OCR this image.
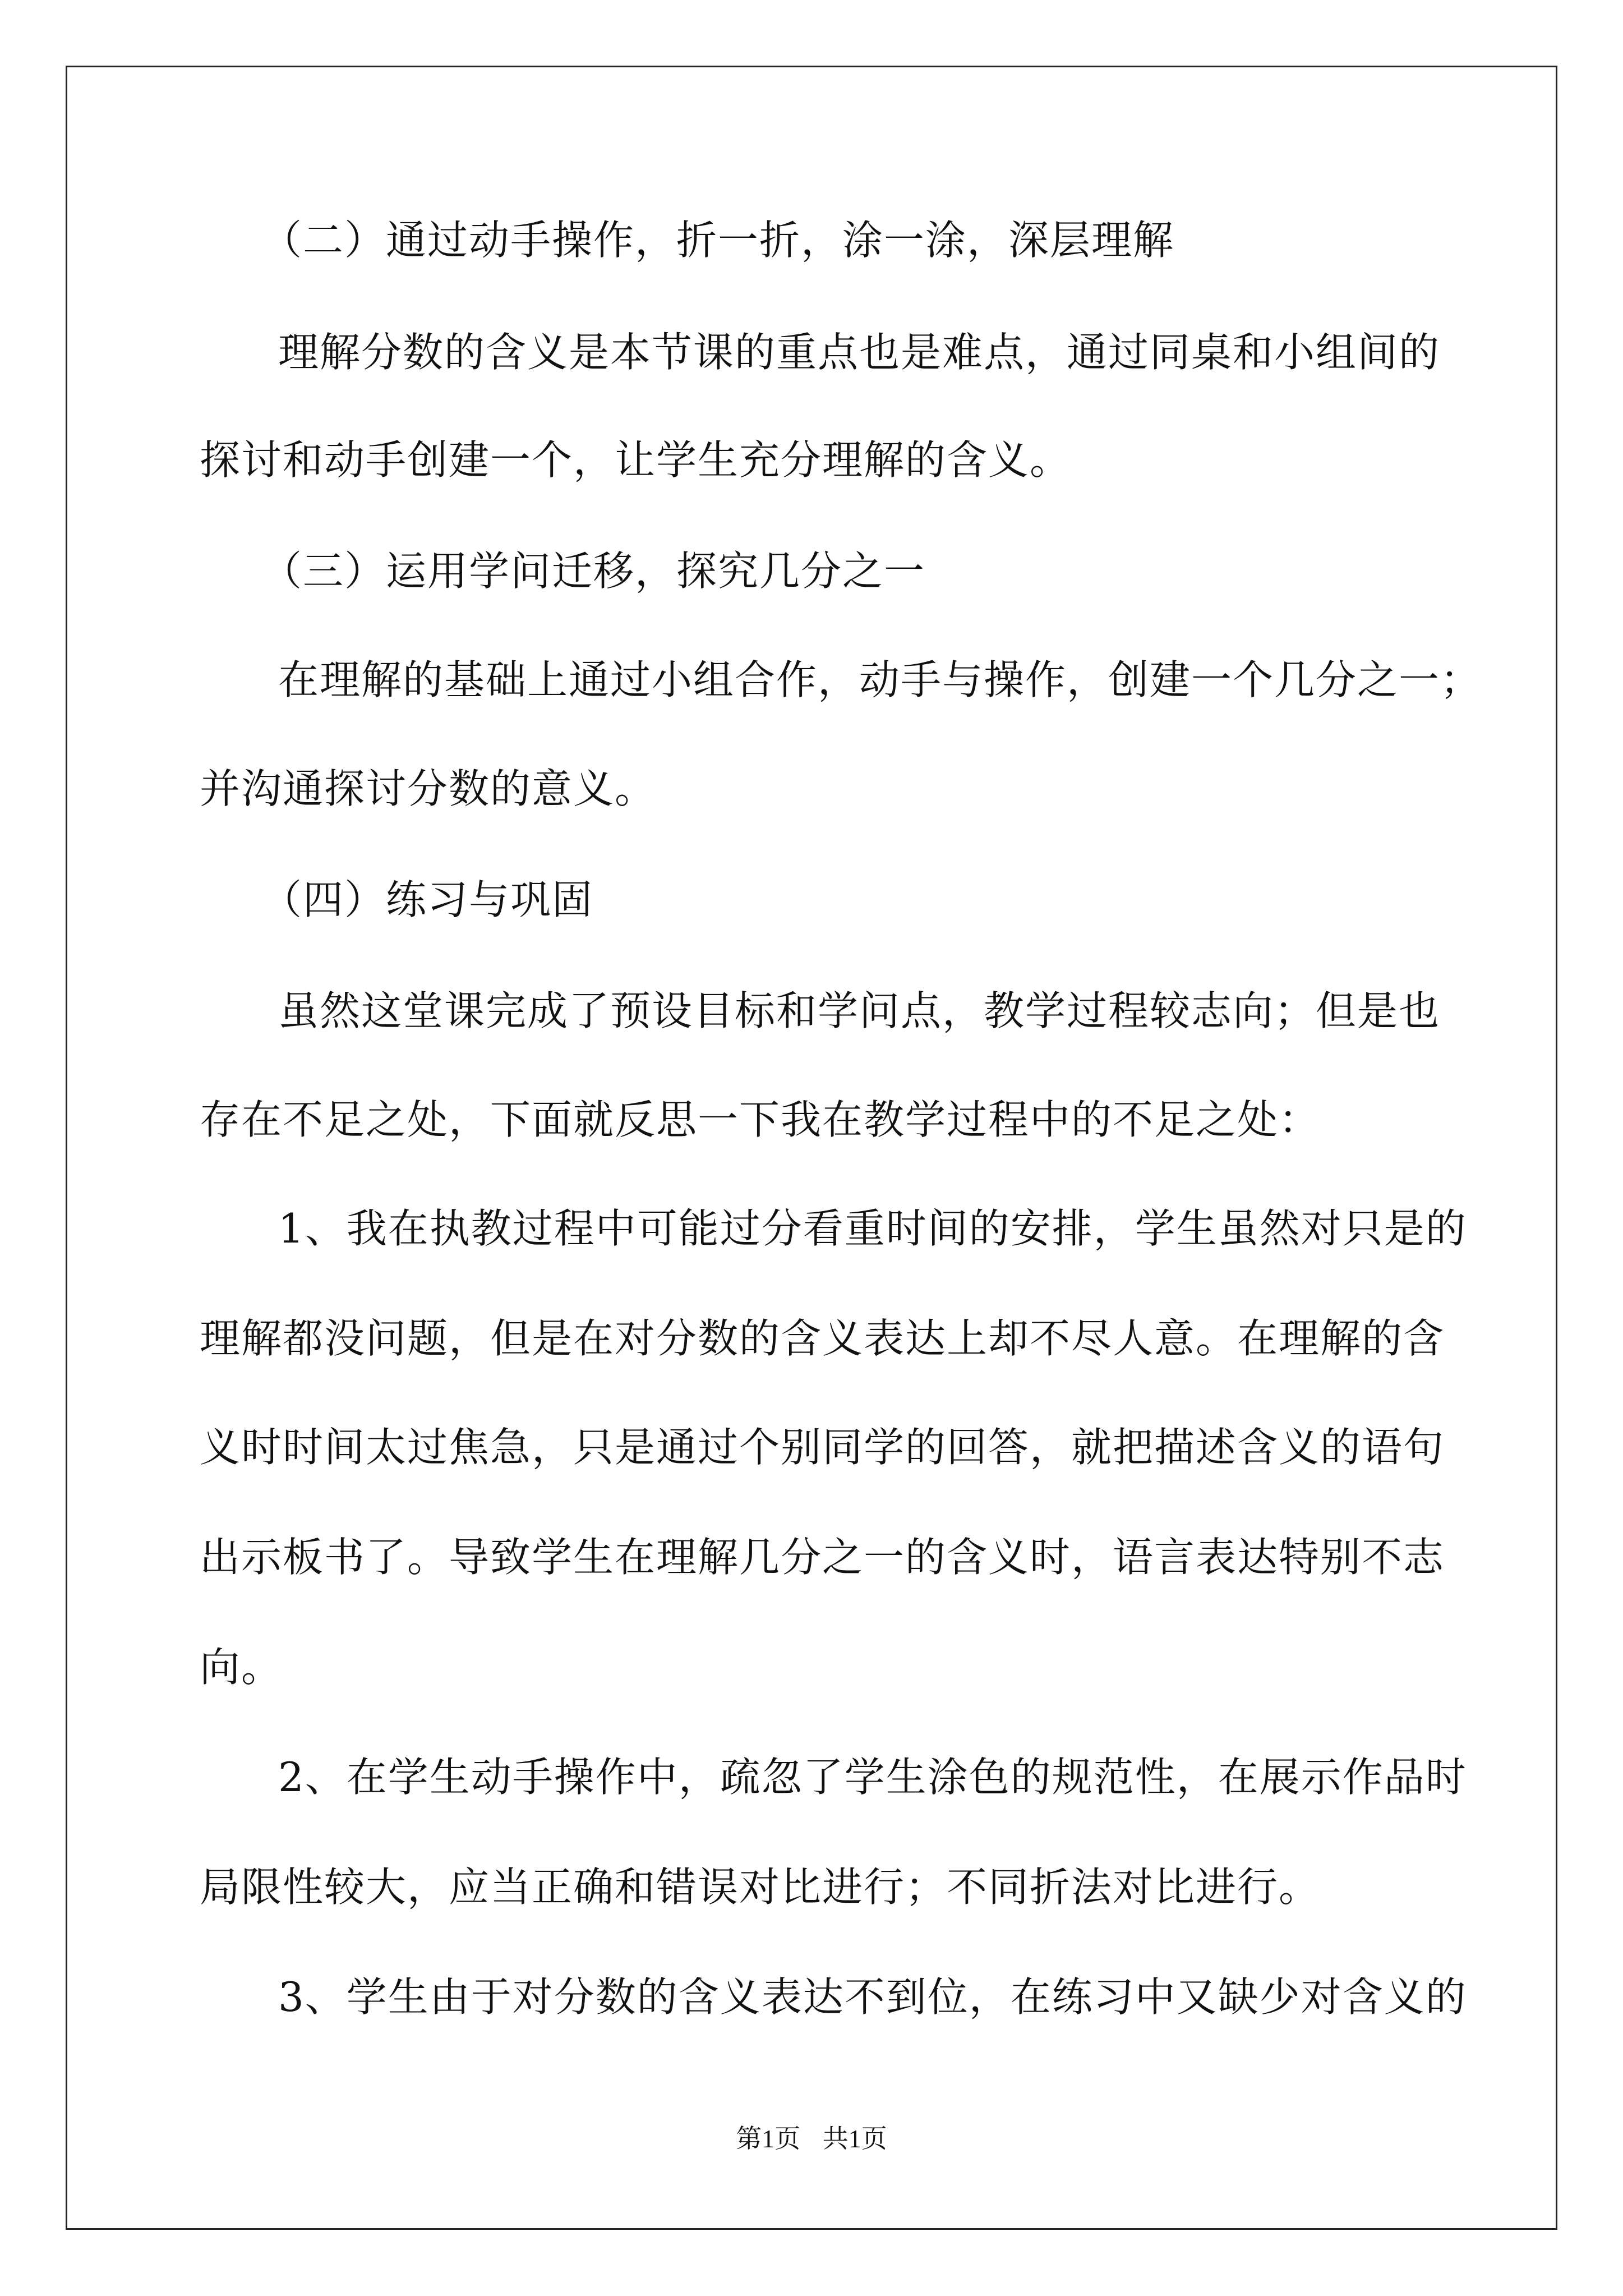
（二）通过动手操作，折一折，涂一涂，深层理解
理解分数的含义是本节课的重点也是难点，通过同桌和小组间的
探讨和动手创建一个，让学生充分理解的含义。
（三）运用学问迁移，探究几分之一
在理解的基础上通过小组合作，动手与操作，创建一个几分之一；
并沟通探讨分数的意义。
（四）练习与巩固
虽然这堂课完成了预设目标和学问点，教学过程较志向；但是也
存在不足之处，下面就反思一下我在教学过程中的不足之处：
1、我在执教过程中可能过分看重时间的安排，学生虽然对只是的
理解都没问题，但是在对分数的含义表达上却不尽人意。在理解的含
义时时间太过焦急，只是通过个别同学的回答，就把描述含义的语句
出示板书了。导致学生在理解几分之一的含义时，语言表达特别不志
向。
2、在学生动手操作中，疏忽了学生涂色的规范性，在展示作品时
局限性较大，应当正确和错误对比进行；不同折法对比进行。
3、学生由于对分数的含义表达不到位，在练习中又缺少对含义的
第1页 共1页
